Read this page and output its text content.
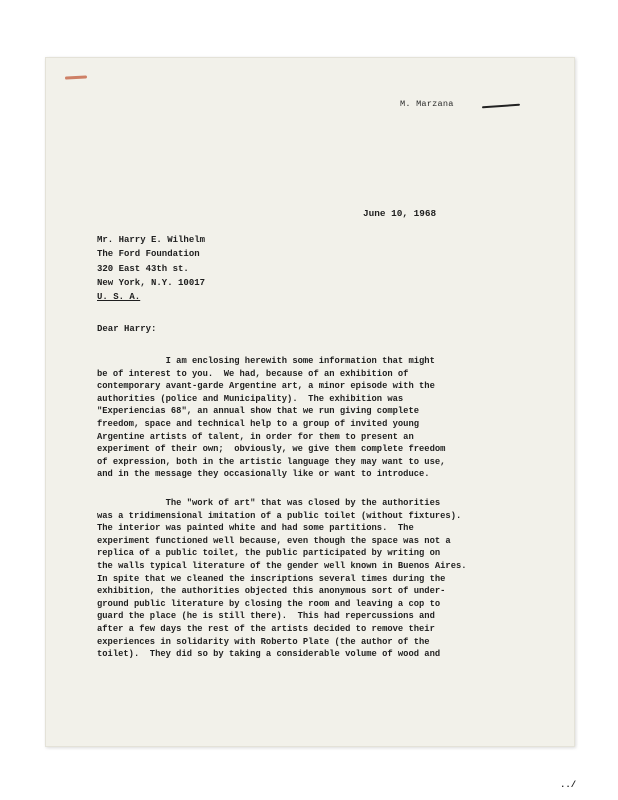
M. Marzana
June 10, 1968
Mr. Harry E. Wilhelm
The Ford Foundation
320 East 43th st.
New York, N.Y. 10017
U. S. A.
Dear Harry:
I am enclosing herewith some information that might
be of interest to you.  We had, because of an exhibition of
contemporary avant-garde Argentine art, a minor episode with the
authorities (police and Municipality).  The exhibition was
"Experiencias 68", an annual show that we run giving complete
freedom, space and technical help to a group of invited young
Argentine artists of talent, in order for them to present an
experiment of their own;  obviously, we give them complete freedom
of expression, both in the artistic language they may want to use,
and in the message they occasionally like or want to introduce.
The "work of art" that was closed by the authorities
was a tridimensional imitation of a public toilet (without fixtures).
The interior was painted white and had some partitions.  The
experiment functioned well because, even though the space was not a
replica of a public toilet, the public participated by writing on
the walls typical literature of the gender well known in Buenos Aires.
In spite that we cleaned the inscriptions several times during the
exhibition, the authorities objected this anonymous sort of under-
ground public literature by closing the room and leaving a cop to
guard the place (he is still there).  This had repercussions and
after a few days the rest of the artists decided to remove their
experiences in solidarity with Roberto Plate (the author of the
toilet).  They did so by taking a considerable volume of wood and
../
